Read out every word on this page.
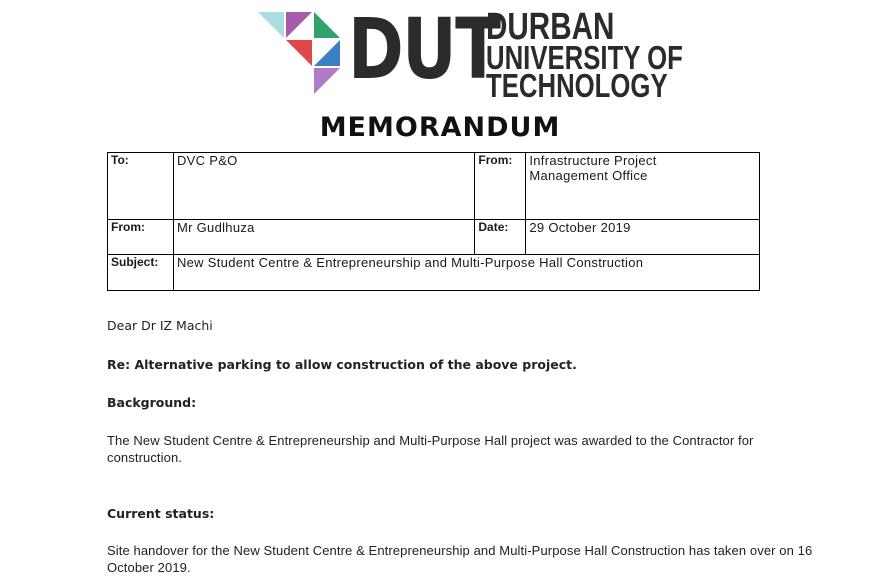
DUT
DURBAN
UNIVERSITY OF
TECHNOLOGY
MEMORANDUM
To:	DVC P&O	From:	Infrastructure Project
Management Office

From:	Mr Gudlhuza	Date:	29 October 2019
Subject:	New Student Centre & Entrepreneurship and Multi-Purpose Hall Construction		
Dear Dr IZ Machi
Re: Alternative parking to allow construction of the above project.
Background:
The New Student Centre & Entrepreneurship and Multi-Purpose Hall project was awarded to the Contractor for construction.
Current status:
Site handover for the New Student Centre & Entrepreneurship and Multi-Purpose Hall Construction has taken over on 16 October 2019.
